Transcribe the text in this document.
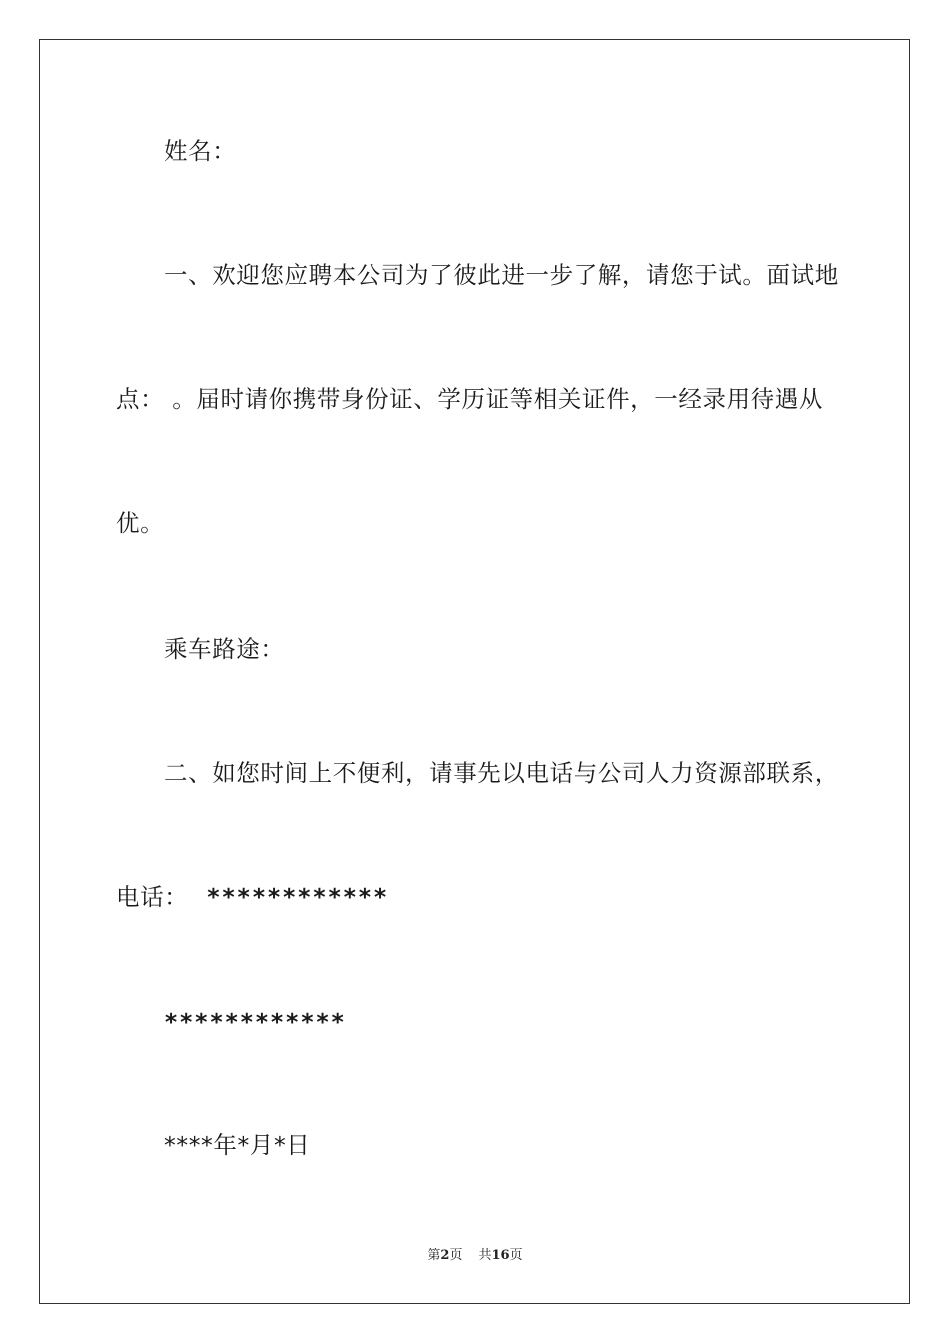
姓名：
一、欢迎您应聘本公司为了彼此进一步了解，请您于试。面试地
点： 。届时请你携带身份证、学历证等相关证件，一经录用待遇从
优。
乘车路途：
二、如您时间上不便利，请事先以电话与公司人力资源部联系，
电话： ************
************
****年*月*日
第2页 共16页
